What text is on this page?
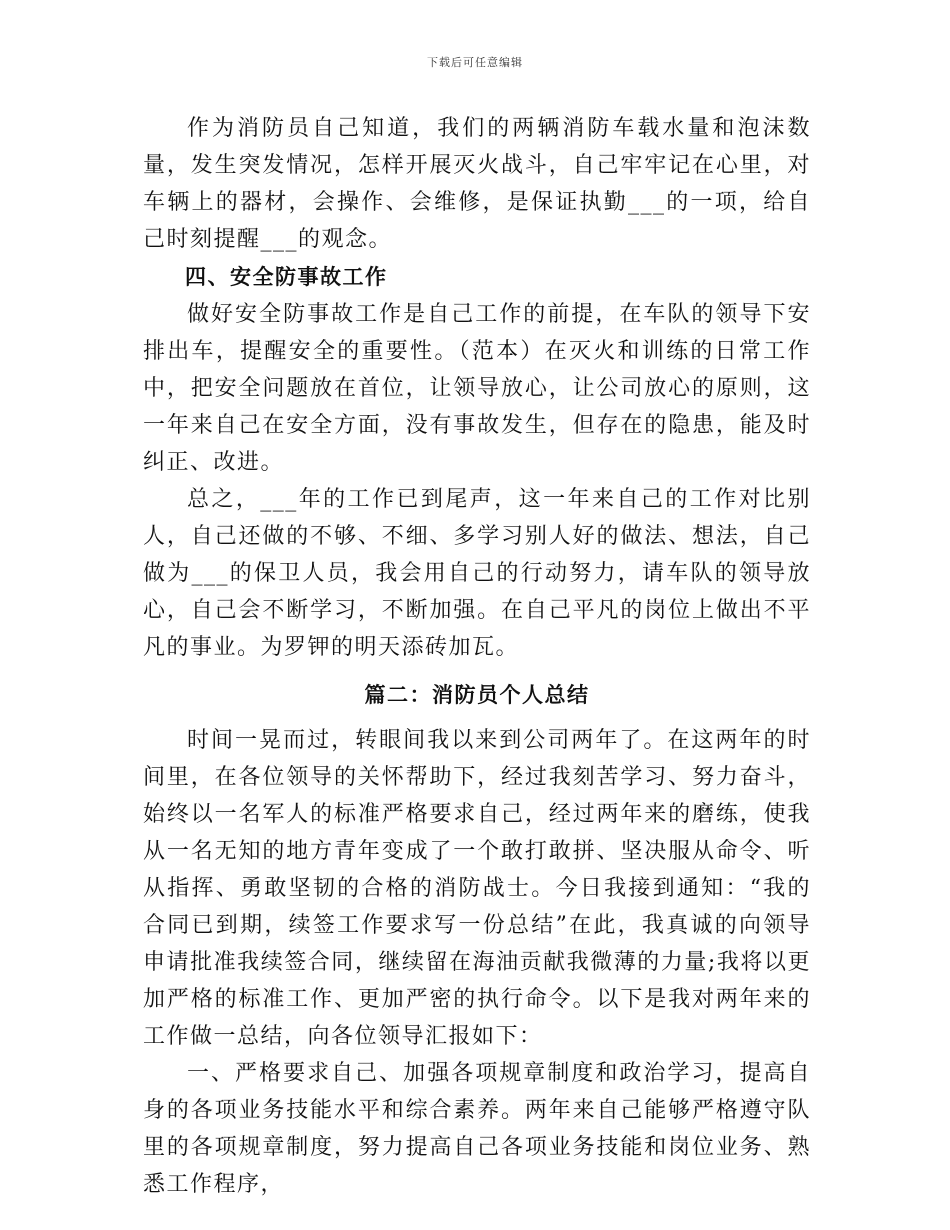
下载后可任意编辑

作为消防员自己知道，我们的两辆消防车载水量和泡沫数量，发生突发情况，怎样开展灭火战斗，自己牢牢记在心里，对车辆上的器材，会操作、会维修，是保证执勤___的一项，给自己时刻提醒___的观念。

四、安全防事故工作

做好安全防事故工作是自己工作的前提，在车队的领导下安排出车，提醒安全的重要性。（范本）在灭火和训练的日常工作中，把安全问题放在首位，让领导放心，让公司放心的原则，这一年来自己在安全方面，没有事故发生，但存在的隐患，能及时纠正、改进。

总之，___年的工作已到尾声，这一年来自己的工作对比别人，自己还做的不够、不细、多学习别人好的做法、想法，自己做为___的保卫人员，我会用自己的行动努力，请车队的领导放心，自己会不断学习，不断加强。在自己平凡的岗位上做出不平凡的事业。为罗钾的明天添砖加瓦。

篇二：消防员个人总结

时间一晃而过，转眼间我以来到公司两年了。在这两年的时间里，在各位领导的关怀帮助下，经过我刻苦学习、努力奋斗，始终以一名军人的标准严格要求自己，经过两年来的磨练，使我从一名无知的地方青年变成了一个敢打敢拼、坚决服从命令、听从指挥、勇敢坚韧的合格的消防战士。今日我接到通知：“我的合同已到期，续签工作要求写一份总结”在此，我真诚的向领导申请批准我续签合同，继续留在海油贡献我微薄的力量;我将以更加严格的标准工作、更加严密的执行命令。以下是我对两年来的工作做一总结，向各位领导汇报如下：

一、严格要求自己、加强各项规章制度和政治学习，提高自身的各项业务技能水平和综合素养。两年来自己能够严格遵守队里的各项规章制度，努力提高自己各项业务技能和岗位业务、熟悉工作程序，
